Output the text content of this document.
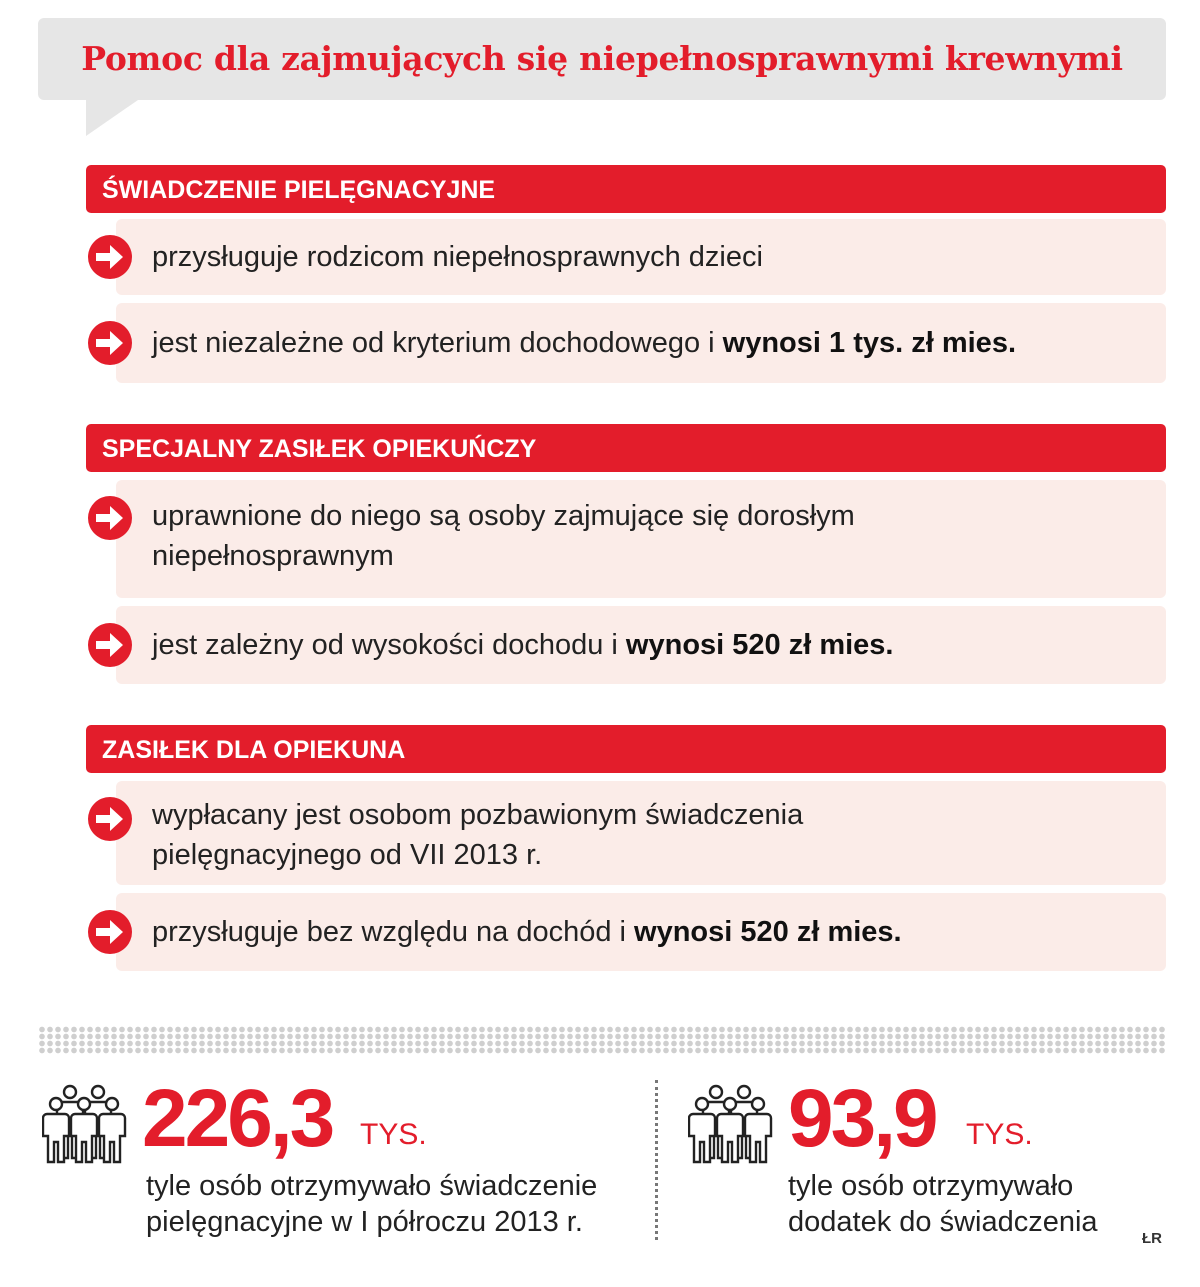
Pomoc dla zajmujących się niepełnosprawnymi krewnymi
ŚWIADCZENIE PIELĘGNACYJNE
przysługuje rodzicom niepełnosprawnych dzieci
jest niezależne od kryterium dochodowego i wynosi 1 tys. zł mies.
SPECJALNY ZASIŁEK OPIEKUŃCZY
uprawnione do niego są osoby zajmujące się dorosłym niepełnosprawnym
jest zależny od wysokości dochodu i wynosi 520 zł mies.
ZASIŁEK DLA OPIEKUNA
wypłacany jest osobom pozbawionym świadczenia pielęgnacyjnego od VII 2013 r.
przysługuje bez względu na dochód i wynosi 520 zł mies.
226,3 TYS.
tyle osób otrzymywało świadczenie pielęgnacyjne w I półroczu 2013 r.
93,9 TYS.
tyle osób otrzymywało dodatek do świadczenia
ŁR
